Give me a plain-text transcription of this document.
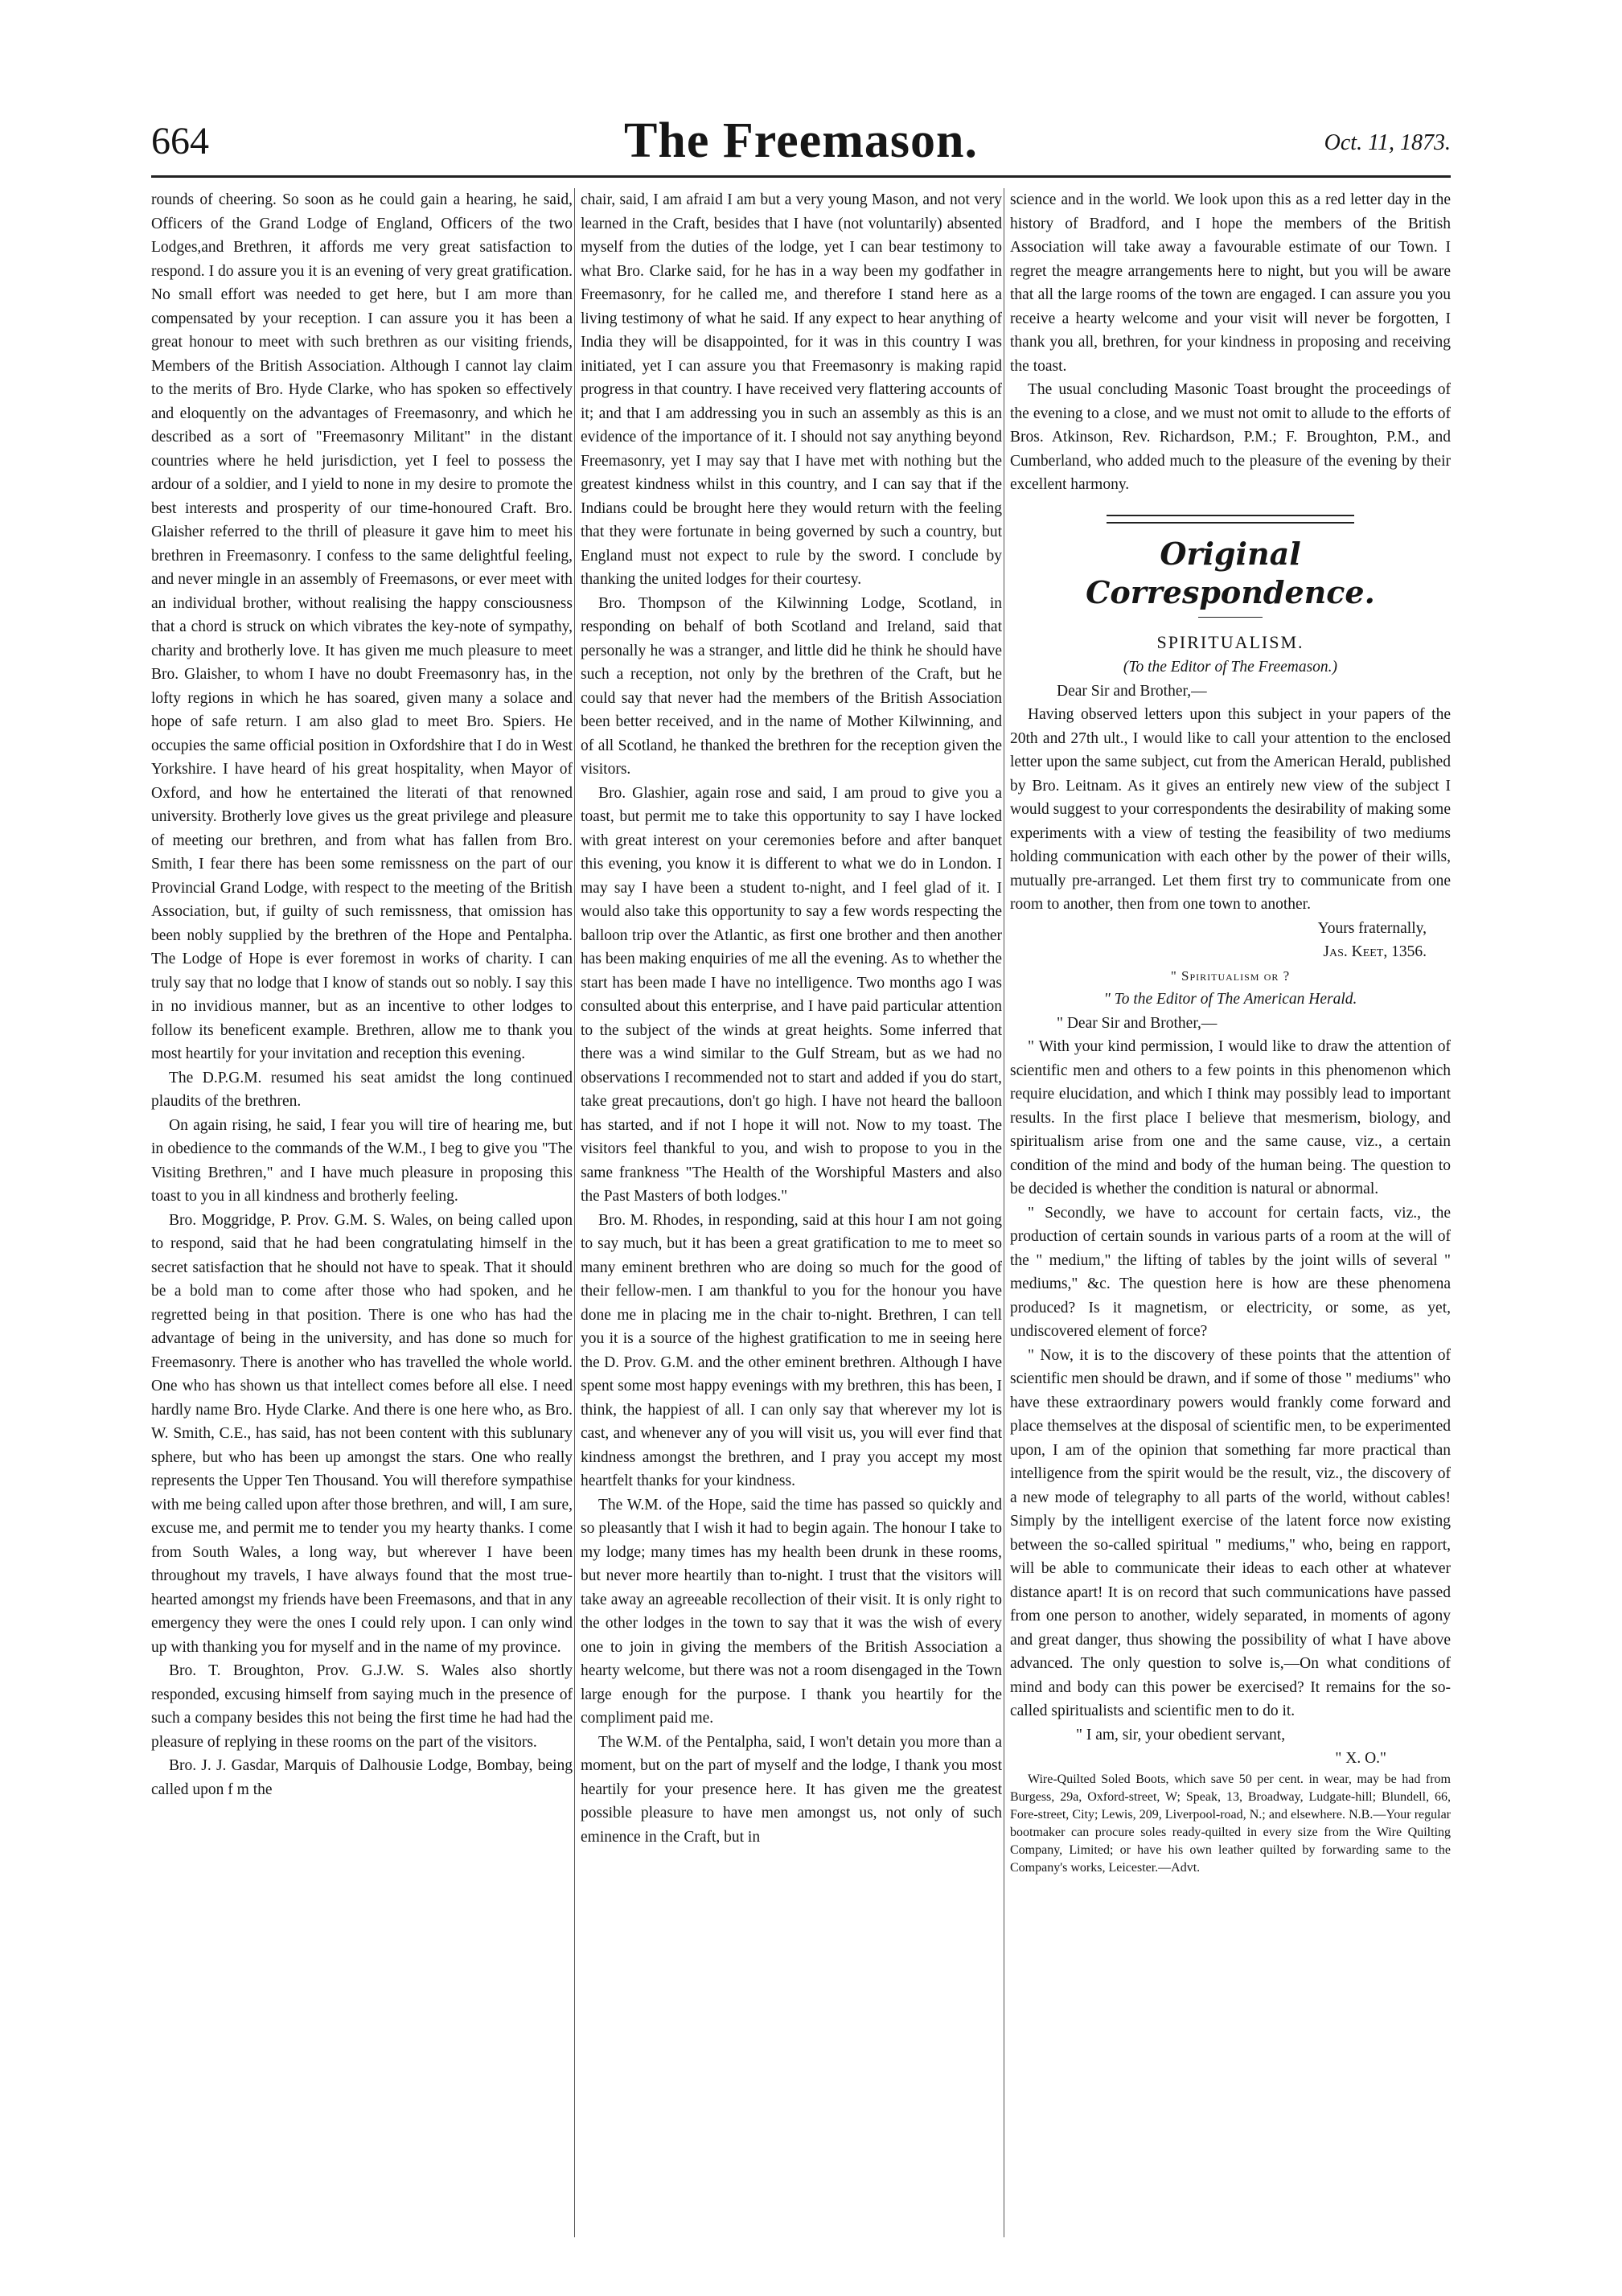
664	The Freemason.	Oct. 11, 1873.

rounds of cheering. So soon as he could gain a hearing, he said, Officers of the Grand Lodge of England, Officers of the two Lodges,and Brethren, it affords me very great satisfaction to respond. I do assure you it is an evening of very great gratification. No small effort was needed to get here, but I am more than compensated by your reception. I can assure you it has been a great honour to meet with such brethren as our visiting friends, Members of the British Association. Although I cannot lay claim to the merits of Bro. Hyde Clarke, who has spoken so effectively and eloquently on the advantages of Freemasonry, and which he described as a sort of "Freemasonry Militant" in the distant countries where he held jurisdiction, yet I feel to possess the ardour of a soldier, and I yield to none in my desire to promote the best interests and prosperity of our time-honoured Craft. Bro. Glaisher referred to the thrill of pleasure it gave him to meet his brethren in Freemasonry. I confess to the same delightful feeling, and never mingle in an assembly of Freemasons, or ever meet with an individual brother, without realising the happy consciousness that a chord is struck on which vibrates the key-note of sympathy, charity and brotherly love. It has given me much pleasure to meet Bro. Glaisher, to whom I have no doubt Freemasonry has, in the lofty regions in which he has soared, given many a solace and hope of safe return. I am also glad to meet Bro. Spiers. He occupies the same official position in Oxfordshire that I do in West Yorkshire. I have heard of his great hospitality, when Mayor of Oxford, and how he entertained the literati of that renowned university. Brotherly love gives us the great privilege and pleasure of meeting our brethren, and from what has fallen from Bro. Smith, I fear there has been some remissness on the part of our Provincial Grand Lodge, with respect to the meeting of the British Association, but, if guilty of such remissness, that omission has been nobly supplied by the brethren of the Hope and Pentalpha. The Lodge of Hope is ever foremost in works of charity. I can truly say that no lodge that I know of stands out so nobly. I say this in no invidious manner, but as an incentive to other lodges to follow its beneficent example. Brethren, allow me to thank you most heartily for your invitation and reception this evening.

The D.P.G.M. resumed his seat amidst the long continued plaudits of the brethren.

On again rising, he said, I fear you will tire of hearing me, but in obedience to the commands of the W.M., I beg to give you "The Visiting Brethren," and I have much pleasure in proposing this toast to you in all kindness and brotherly feeling.

Bro. Moggridge, P. Prov. G.M. S. Wales, on being called upon to respond, said that he had been congratulating himself in the secret satisfaction that he should not have to speak. That it should be a bold man to come after those who had spoken, and he regretted being in that position. There is one who has had the advantage of being in the university, and has done so much for Freemasonry. There is another who has travelled the whole world. One who has shown us that intellect comes before all else. I need hardly name Bro. Hyde Clarke. And there is one here who, as Bro. W. Smith, C.E., has said, has not been content with this sublunary sphere, but who has been up amongst the stars. One who really represents the Upper Ten Thousand. You will therefore sympathise with me being called upon after those brethren, and will, I am sure, excuse me, and permit me to tender you my hearty thanks. I come from South Wales, a long way, but wherever I have been throughout my travels, I have always found that the most true-hearted amongst my friends have been Freemasons, and that in any emergency they were the ones I could rely upon. I can only wind up with thanking you for myself and in the name of my province.

Bro. T. Broughton, Prov. G.J.W. S. Wales also shortly responded, excusing himself from saying much in the presence of such a company besides this not being the first time he had had the pleasure of replying in these rooms on the part of the visitors.

Bro. J. J. Gasdar, Marquis of Dalhousie Lodge, Bombay, being called upon f m the

chair, said, I am afraid I am but a very young Mason, and not very learned in the Craft, besides that I have (not voluntarily) absented myself from the duties of the lodge, yet I can bear testimony to what Bro. Clarke said, for he has in a way been my godfather in Freemasonry, for he called me, and therefore I stand here as a living testimony of what he said. If any expect to hear anything of India they will be disappointed, for it was in this country I was initiated, yet I can assure you that Freemasonry is making rapid progress in that country. I have received very flattering accounts of it; and that I am addressing you in such an assembly as this is an evidence of the importance of it. I should not say anything beyond Freemasonry, yet I may say that I have met with nothing but the greatest kindness whilst in this country, and I can say that if the Indians could be brought here they would return with the feeling that they were fortunate in being governed by such a country, but England must not expect to rule by the sword. I conclude by thanking the united lodges for their courtesy.

Bro. Thompson of the Kilwinning Lodge, Scotland, in responding on behalf of both Scotland and Ireland, said that personally he was a stranger, and little did he think he should have such a reception, not only by the brethren of the Craft, but he could say that never had the members of the British Association been better received, and in the name of Mother Kilwinning, and of all Scotland, he thanked the brethren for the reception given the visitors.

Bro. Glashier, again rose and said, I am proud to give you a toast, but permit me to take this opportunity to say I have locked with great interest on your ceremonies before and after banquet this evening, you know it is different to what we do in London. I may say I have been a student to-night, and I feel glad of it. I would also take this opportunity to say a few words respecting the balloon trip over the Atlantic, as first one brother and then another has been making enquiries of me all the evening. As to whether the start has been made I have no intelligence. Two months ago I was consulted about this enterprise, and I have paid particular attention to the subject of the winds at great heights. Some inferred that there was a wind similar to the Gulf Stream, but as we had no observations I recommended not to start and added if you do start, take great precautions, don't go high. I have not heard the balloon has started, and if not I hope it will not. Now to my toast. The visitors feel thankful to you, and wish to propose to you in the same frankness "The Health of the Worshipful Masters and also the Past Masters of both lodges."

Bro. M. Rhodes, in responding, said at this hour I am not going to say much, but it has been a great gratification to me to meet so many eminent brethren who are doing so much for the good of their fellow-men. I am thankful to you for the honour you have done me in placing me in the chair to-night. Brethren, I can tell you it is a source of the highest gratification to me in seeing here the D. Prov. G.M. and the other eminent brethren. Although I have spent some most happy evenings with my brethren, this has been, I think, the happiest of all. I can only say that wherever my lot is cast, and whenever any of you will visit us, you will ever find that kindness amongst the brethren, and I pray you accept my most heartfelt thanks for your kindness.

The W.M. of the Hope, said the time has passed so quickly and so pleasantly that I wish it had to begin again. The honour I take to my lodge; many times has my health been drunk in these rooms, but never more heartily than to-night. I trust that the visitors will take away an agreeable recollection of their visit. It is only right to the other lodges in the town to say that it was the wish of every one to join in giving the members of the British Association a hearty welcome, but there was not a room disengaged in the Town large enough for the purpose. I thank you heartily for the compliment paid me.

The W.M. of the Pentalpha, said, I won't detain you more than a moment, but on the part of myself and the lodge, I thank you most heartily for your presence here. It has given me the greatest possible pleasure to have men amongst us, not only of such eminence in the Craft, but in

science and in the world. We look upon this as a red letter day in the history of Bradford, and I hope the members of the British Association will take away a favourable estimate of our Town. I regret the meagre arrangements here to night, but you will be aware that all the large rooms of the town are engaged. I can assure you you receive a hearty welcome and your visit will never be forgotten, I thank you all, brethren, for your kindness in proposing and receiving the toast.

The usual concluding Masonic Toast brought the proceedings of the evening to a close, and we must not omit to allude to the efforts of Bros. Atkinson, Rev. Richardson, P.M.; F. Broughton, P.M., and Cumberland, who added much to the pleasure of the evening by their excellent harmony.

Original Correspondence.
SPIRITUALISM.
(To the Editor of The Freemason.)

Dear Sir and Brother,—

Having observed letters upon this subject in your papers of the 20th and 27th ult., I would like to call your attention to the enclosed letter upon the same subject, cut from the American Herald, published by Bro. Leitnam. As it gives an entirely new view of the subject I would suggest to your correspondents the desirability of making some experiments with a view of testing the feasibility of two mediums holding communication with each other by the power of their wills, mutually pre-arranged. Let them first try to communicate from one room to another, then from one town to another.

Yours fraternally,

Jas. Keet, 1356.

" Spiritualism or ?
" To the Editor of The American Herald.

" Dear Sir and Brother,—

" With your kind permission, I would like to draw the attention of scientific men and others to a few points in this phenomenon which require elucidation, and which I think may possibly lead to important results. In the first place I believe that mesmerism, biology, and spiritualism arise from one and the same cause, viz., a certain condition of the mind and body of the human being. The question to be decided is whether the condition is natural or abnormal.

" Secondly, we have to account for certain facts, viz., the production of certain sounds in various parts of a room at the will of the " medium," the lifting of tables by the joint wills of several " mediums," &c. The question here is how are these phenomena produced? Is it magnetism, or electricity, or some, as yet, undiscovered element of force?

" Now, it is to the discovery of these points that the attention of scientific men should be drawn, and if some of those " mediums" who have these extraordinary powers would frankly come forward and place themselves at the disposal of scientific men, to be experimented upon, I am of the opinion that something far more practical than intelligence from the spirit would be the result, viz., the discovery of a new mode of telegraphy to all parts of the world, without cables! Simply by the intelligent exercise of the latent force now existing between the so-called spiritual " mediums," who, being en rapport, will be able to communicate their ideas to each other at whatever distance apart! It is on record that such communications have passed from one person to another, widely separated, in moments of agony and great danger, thus showing the possibility of what I have above advanced. The only question to solve is,—On what conditions of mind and body can this power be exercised? It remains for the so-called spiritualists and scientific men to do it.

" I am, sir, your obedient servant,

" X. O."

Wire-Quilted Soled Boots, which save 50 per cent. in wear, may be had from Burgess, 29a, Oxford-street, W; Speak, 13, Broadway, Ludgate-hill; Blundell, 66, Fore-street, City; Lewis, 209, Liverpool-road, N.; and elsewhere. N.B.—Your regular bootmaker can procure soles ready-quilted in every size from the Wire Quilting Company, Limited; or have his own leather quilted by forwarding same to the Company's works, Leicester.—Advt.
